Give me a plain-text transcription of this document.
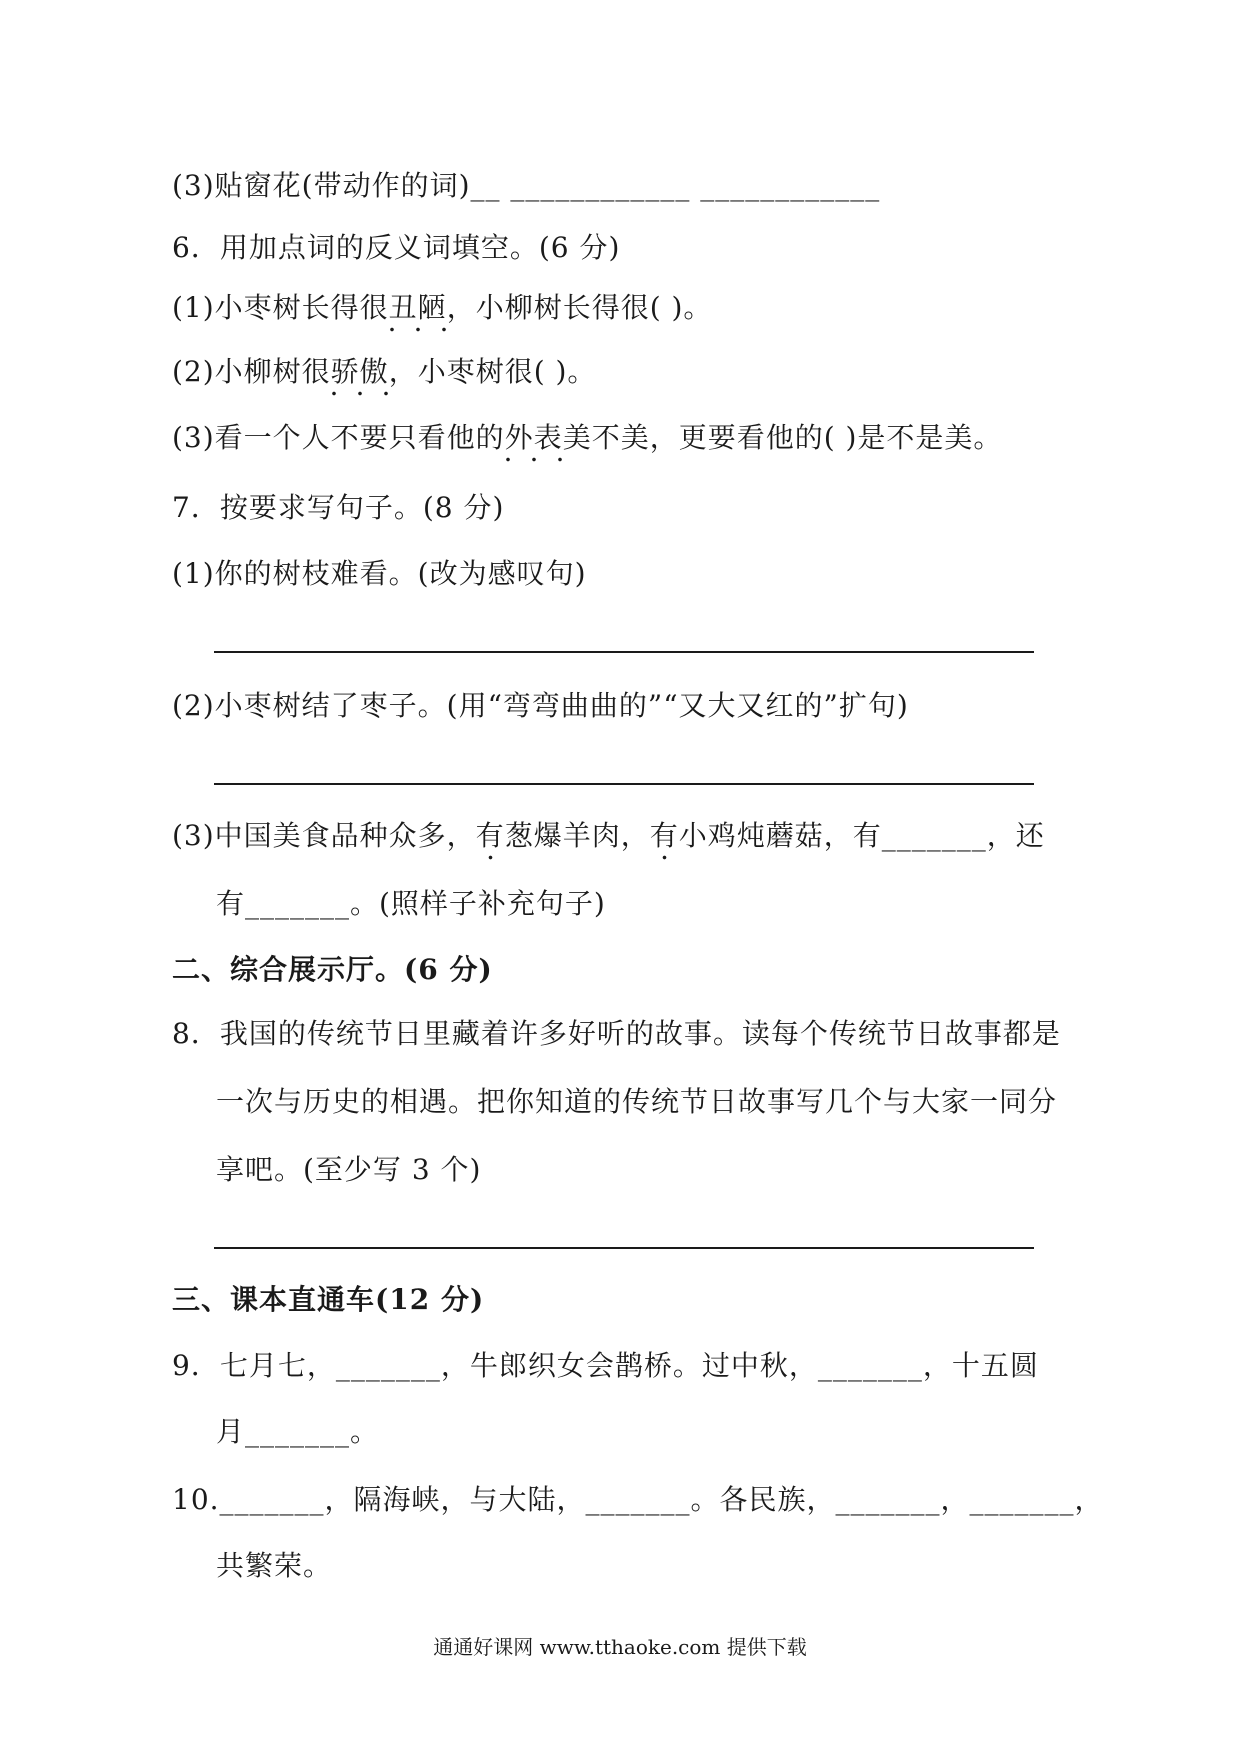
(3)贴窗花(带动作的词)__ ____________ ____________
6．用加点词的反义词填空。(6 分)
(1)小枣树长得很丑陋，小柳树长得很( )。
(2)小柳树很骄傲，小枣树很( )。
(3)看一个人不要只看他的外表美不美，更要看他的( )是不是美。
7．按要求写句子。(8 分)
(1)你的树枝难看。(改为感叹句)
(2)小枣树结了枣子。(用“弯弯曲曲的”“又大又红的”扩句)
(3)中国美食品种众多，有葱爆羊肉，有小鸡炖蘑菇，有_______，还
有_______。(照样子补充句子)
二、综合展示厅。(6 分)
8．我国的传统节日里藏着许多好听的故事。读每个传统节日故事都是
一次与历史的相遇。把你知道的传统节日故事写几个与大家一同分
享吧。(至少写 3 个)
三、课本直通车(12 分)
9．七月七，_______，牛郎织女会鹊桥。过中秋，_______，十五圆
月_______。
10._______，隔海峡，与大陆，_______。各民族，_______，_______，
共繁荣。
通通好课网 www.tthaoke.com 提供下载
